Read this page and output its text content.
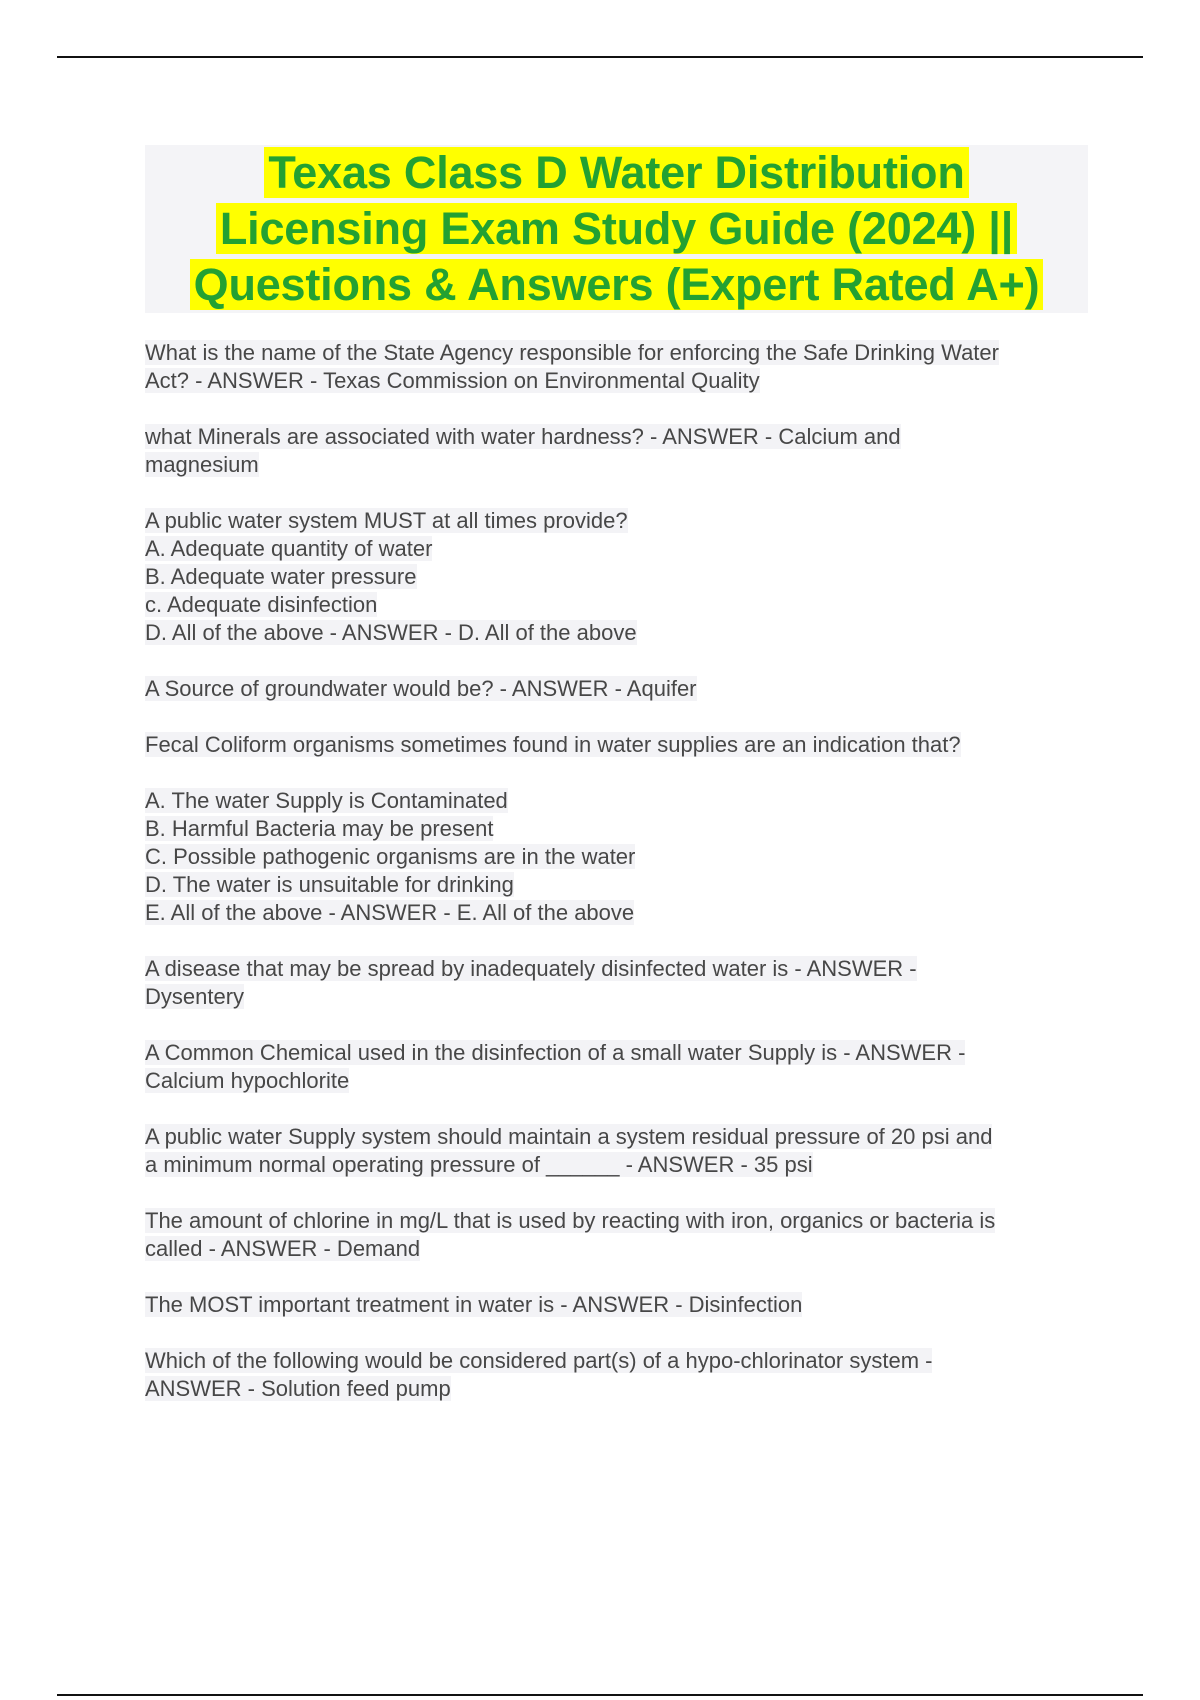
Texas Class D Water Distribution
Licensing Exam Study Guide (2024) ||
Questions & Answers (Expert Rated A+)
What is the name of the State Agency responsible for enforcing the Safe Drinking Water
Act? - ANSWER - Texas Commission on Environmental Quality
what Minerals are associated with water hardness? - ANSWER - Calcium and
magnesium
A public water system MUST at all times provide?
A. Adequate quantity of water
B. Adequate water pressure
c. Adequate disinfection
D. All of the above - ANSWER - D. All of the above
A Source of groundwater would be? - ANSWER - Aquifer
Fecal Coliform organisms sometimes found in water supplies are an indication that?
A. The water Supply is Contaminated
B. Harmful Bacteria may be present
C. Possible pathogenic organisms are in the water
D. The water is unsuitable for drinking
E. All of the above - ANSWER - E. All of the above
A disease that may be spread by inadequately disinfected water is - ANSWER -
Dysentery
A Common Chemical used in the disinfection of a small water Supply is - ANSWER -
Calcium hypochlorite
A public water Supply system should maintain a system residual pressure of 20 psi and
a minimum normal operating pressure of ______ - ANSWER - 35 psi
The amount of chlorine in mg/L that is used by reacting with iron, organics or bacteria is
called - ANSWER - Demand
The MOST important treatment in water is - ANSWER - Disinfection
Which of the following would be considered part(s) of a hypo-chlorinator system -
ANSWER - Solution feed pump
